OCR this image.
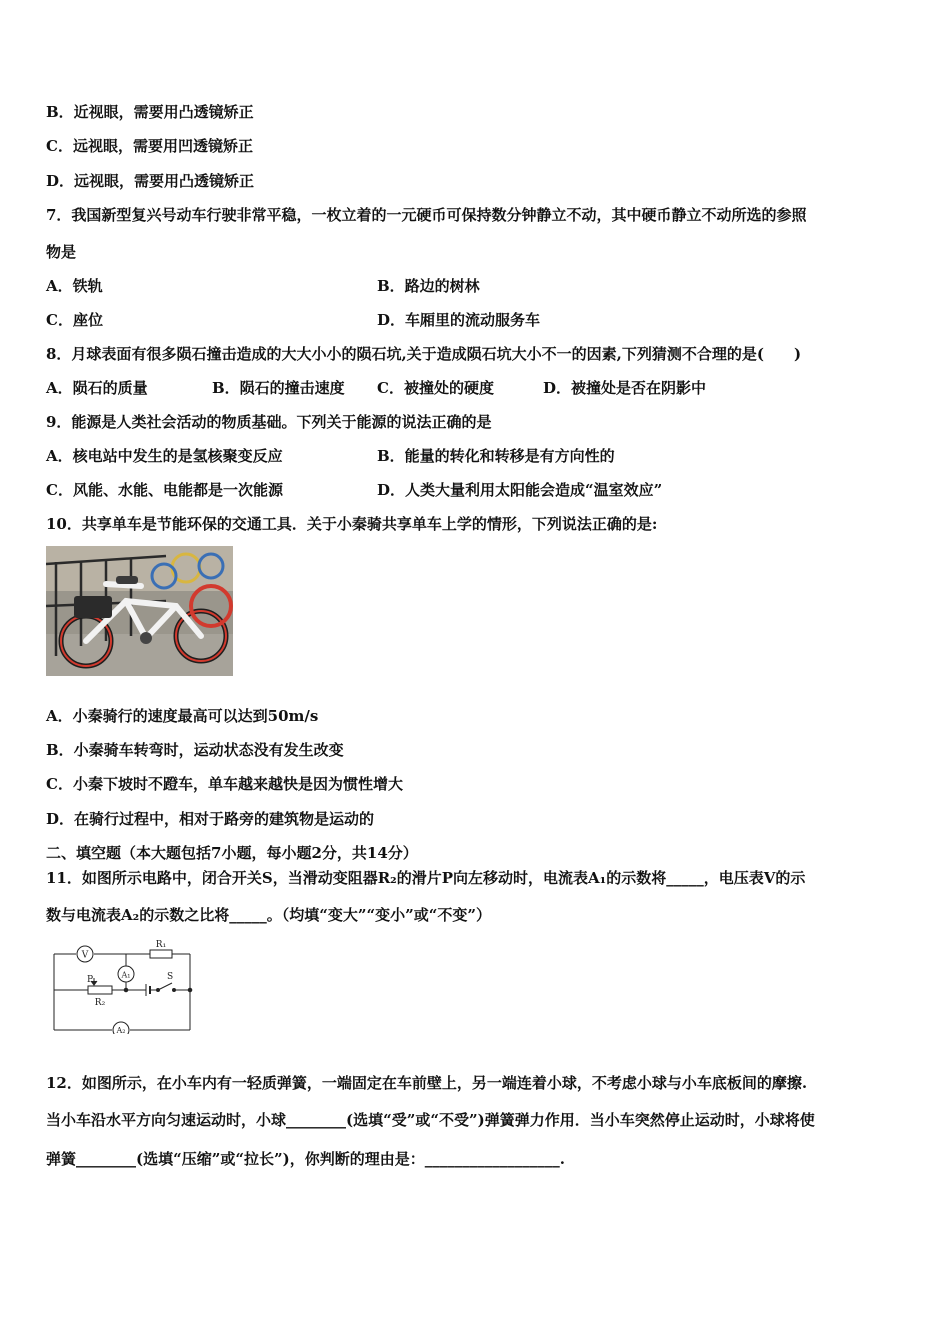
B．近视眼，需要用凸透镜矫正
C．远视眼，需要用凹透镜矫正
D．远视眼，需要用凸透镜矫正
7．我国新型复兴号动车行驶非常平稳，一枚立着的一元硬币可保持数分钟静立不动，其中硬币静立不动所选的参照
物是
A．铁轨	B．路边的树林
C．座位	D．车厢里的流动服务车
8．月球表面有很多陨石撞击造成的大大小小的陨石坑,关于造成陨石坑大小不一的因素,下列猜测不合理的是(　　)
A．陨石的质量	B．陨石的撞击速度 C．被撞处的硬度	D．被撞处是否在阴影中
9．能源是人类社会活动的物质基础。下列关于能源的说法正确的是
A．核电站中发生的是氢核聚变反应	B．能量的转化和转移是有方向性的
C．风能、水能、电能都是一次能源	D．人类大量利用太阳能会造成“温室效应”
10．共享单车是节能环保的交通工具．关于小秦骑共享单车上学的情形，下列说法正确的是:
A．小秦骑行的速度最高可以达到50m/s
B．小秦骑车转弯时，运动状态没有发生改变
C．小秦下坡时不蹬车，单车越来越快是因为惯性增大
D．在骑行过程中，相对于路旁的建筑物是运动的
二、填空题（本大题包括7小题，每小题2分，共14分）
11．如图所示电路中，闭合开关S，当滑动变阻器R₂的滑片P向左移动时，电流表A₁的示数将_____，电压表V的示
数与电流表A₂的示数之比将_____。（均填“变大”“变小”或“不变”）
V
R₁
A₁
P
R₂
S
A₂
12．如图所示，在小车内有一轻质弹簧，一端固定在车前壁上，另一端连着小球，不考虑小球与小车底板间的摩擦.
当小车沿水平方向匀速运动时，小球________(选填“受”或“不受”)弹簧弹力作用．当小车突然停止运动时，小球将使
弹簧________(选填“压缩”或“拉长”)，你判断的理由是：__________________.
